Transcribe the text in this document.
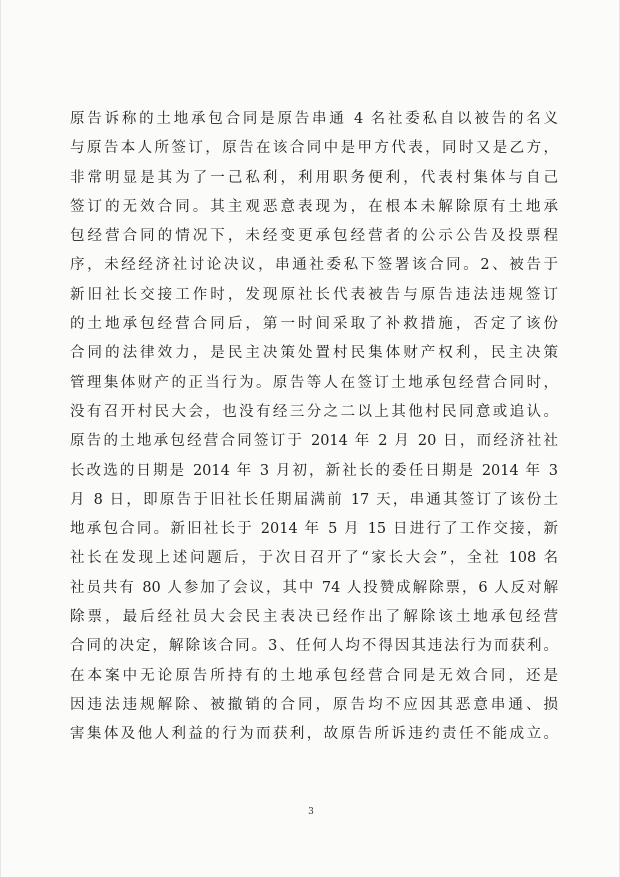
原告诉称的土地承包合同是原告串通 4 名社委私自以被告的名义
与原告本人所签订，原告在该合同中是甲方代表，同时又是乙方，
非常明显是其为了一己私利，利用职务便利，代表村集体与自己
签订的无效合同。其主观恶意表现为，在根本未解除原有土地承
包经营合同的情况下，未经变更承包经营者的公示公告及投票程
序，未经经济社讨论决议，串通社委私下签署该合同。2、被告于
新旧社长交接工作时，发现原社长代表被告与原告违法违规签订
的土地承包经营合同后，第一时间采取了补救措施，否定了该份
合同的法律效力，是民主决策处置村民集体财产权利，民主决策
管理集体财产的正当行为。原告等人在签订土地承包经营合同时，
没有召开村民大会，也没有经三分之二以上其他村民同意或追认。
原告的土地承包经营合同签订于 2014 年 2 月 20 日，而经济社社
长改选的日期是 2014 年 3 月初，新社长的委任日期是 2014 年 3
月 8 日，即原告于旧社长任期届满前 17 天，串通其签订了该份土
地承包合同。新旧社长于 2014 年 5 月 15 日进行了工作交接，新
社长在发现上述问题后，于次日召开了“家长大会”，全社 108 名
社员共有 80 人参加了会议，其中 74 人投赞成解除票，6 人反对解
除票，最后经社员大会民主表决已经作出了解除该土地承包经营
合同的决定，解除该合同。3、任何人均不得因其违法行为而获利。
在本案中无论原告所持有的土地承包经营合同是无效合同，还是
因违法违规解除、被撤销的合同，原告均不应因其恶意串通、损
害集体及他人利益的行为而获利，故原告所诉违约责任不能成立。
3
